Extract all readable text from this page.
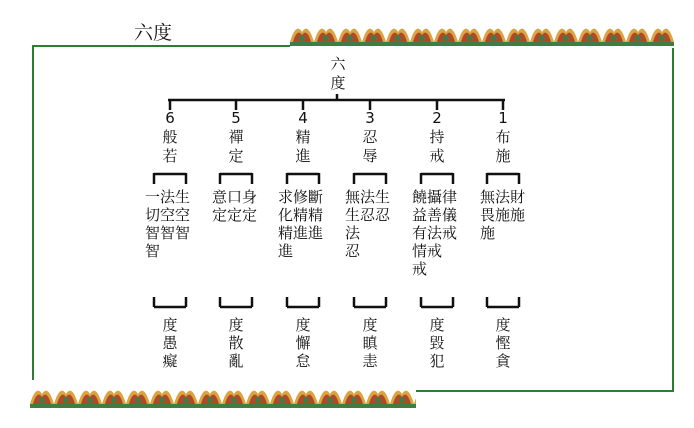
六度
六
度
6
般
若
一法生
切空空
智智智
智
度
愚
癡
5
禪
定
意口身
定定定
度
散
亂
4
精
進
求修斷
化精精
精進進
進
度
懈
怠
3
忍
辱
無法生
生忍忍
法
忍
度
瞋
恚
2
持
戒
饒攝律
益善儀
有法戒
情戒
戒
度
毀
犯
1
布
施
無法財
畏施施
施
度
慳
貪
